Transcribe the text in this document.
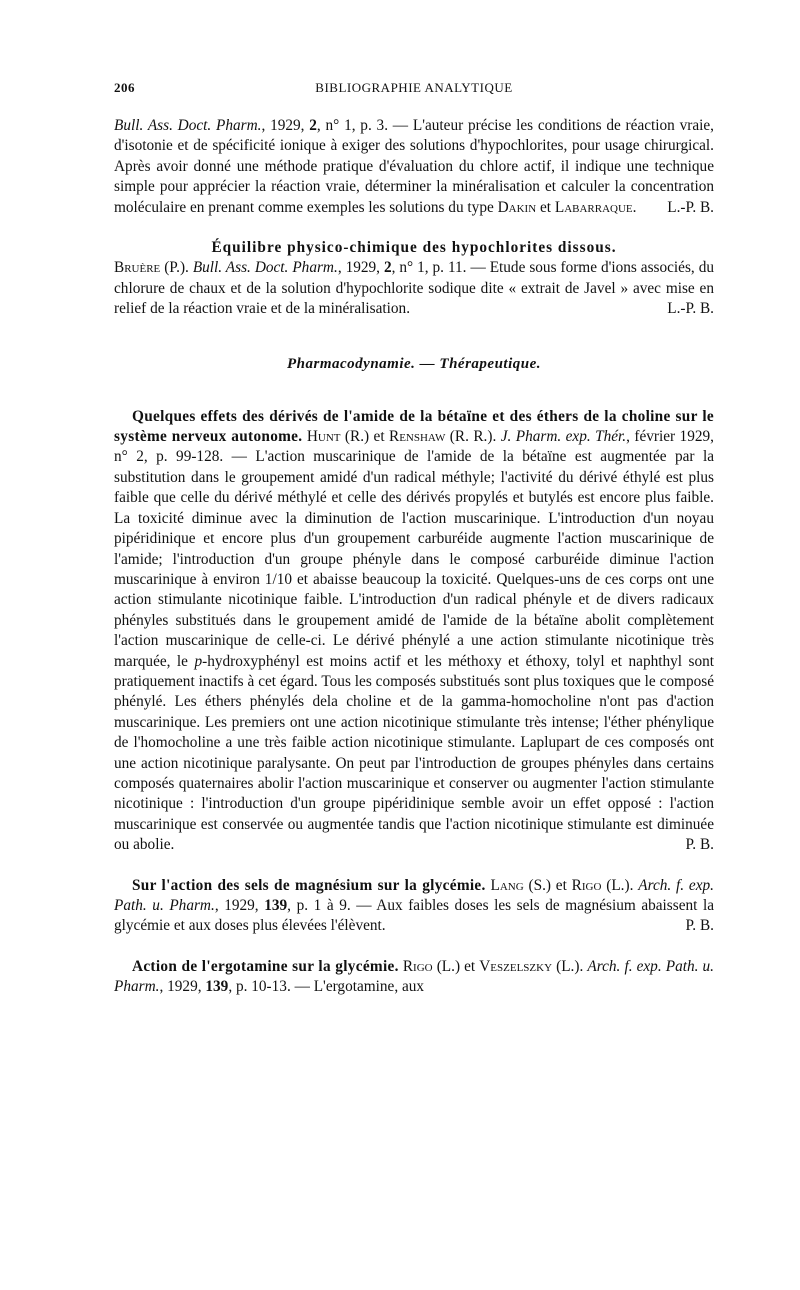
206	BIBLIOGRAPHIE ANALYTIQUE

Bull. Ass. Doct. Pharm., 1929, 2, n° 1, p. 3. — L'auteur précise les conditions de réaction vraie, d'isotonie et de spécificité ionique à exiger des solutions d'hypochlorites, pour usage chirurgical. Après avoir donné une méthode pratique d'évaluation du chlore actif, il indique une technique simple pour apprécier la réaction vraie, déterminer la minéralisation et calculer la concentration moléculaire en prenant comme exemples les solutions du type Dakin et Labarraque.	L.-P. B.

Équilibre physico-chimique des hypochlorites dissous.
Bruère (P.). Bull. Ass. Doct. Pharm., 1929, 2, n° 1, p. 11. — Etude sous forme d'ions associés, du chlorure de chaux et de la solution d'hypochlorite sodique dite « extrait de Javel » avec mise en relief de la réaction vraie et de la minéralisation.	L.-P. B.

Pharmacodynamie. — Thérapeutique.

Quelques effets des dérivés de l'amide de la bétaïne et des éthers de la choline sur le système nerveux autonome. Hunt (R.) et Renshaw (R. R.). J. Pharm. exp. Thér., février 1929, n° 2, p. 99-128. — L'action muscarinique de l'amide de la bétaïne est augmentée par la substitution dans le groupement amidé d'un radical méthyle; l'activité du dérivé éthylé est plus faible que celle du dérivé méthylé et celle des dérivés propylés et butylés est encore plus faible. La toxicité diminue avec la diminution de l'action muscarinique. L'introduction d'un noyau pipéridinique et encore plus d'un groupement carburéide augmente l'action muscarinique de l'amide; l'introduction d'un groupe phényle dans le composé carburéide diminue l'action muscarinique à environ 1/10 et abaisse beaucoup la toxicité. Quelques-uns de ces corps ont une action stimulante nicotinique faible. L'introduction d'un radical phényle et de divers radicaux phényles substitués dans le groupement amidé de l'amide de la bétaïne abolit complètement l'action muscarinique de celle-ci. Le dérivé phénylé a une action stimulante nicotinique très marquée, le p-hydroxyphényl est moins actif et les méthoxy et éthoxy, tolyl et naphthyl sont pratiquement inactifs à cet égard. Tous les composés substitués sont plus toxiques que le composé phénylé. Les éthers phénylés dela choline et de la gamma-homocholine n'ont pas d'action muscarinique. Les premiers ont une action nicotinique stimulante très intense; l'éther phénylique de l'homocholine a une très faible action nicotinique stimulante. Laplupart de ces composés ont une action nicotinique paralysante. On peut par l'introduction de groupes phényles dans certains composés quaternaires abolir l'action muscarinique et conserver ou augmenter l'action stimulante nicotinique : l'introduction d'un groupe pipéridinique semble avoir un effet opposé : l'action muscarinique est conservée ou augmentée tandis que l'action nicotinique stimulante est diminuée ou abolie.	P. B.

Sur l'action des sels de magnésium sur la glycémie. Lang (S.) et Rigo (L.). Arch. f. exp. Path. u. Pharm., 1929, 139, p. 1 à 9. — Aux faibles doses les sels de magnésium abaissent la glycémie et aux doses plus élevées l'élèvent.	P. B.

Action de l'ergotamine sur la glycémie. Rigo (L.) et Veszelszky (L.). Arch. f. exp. Path. u. Pharm., 1929, 139, p. 10-13. — L'ergotamine, aux
